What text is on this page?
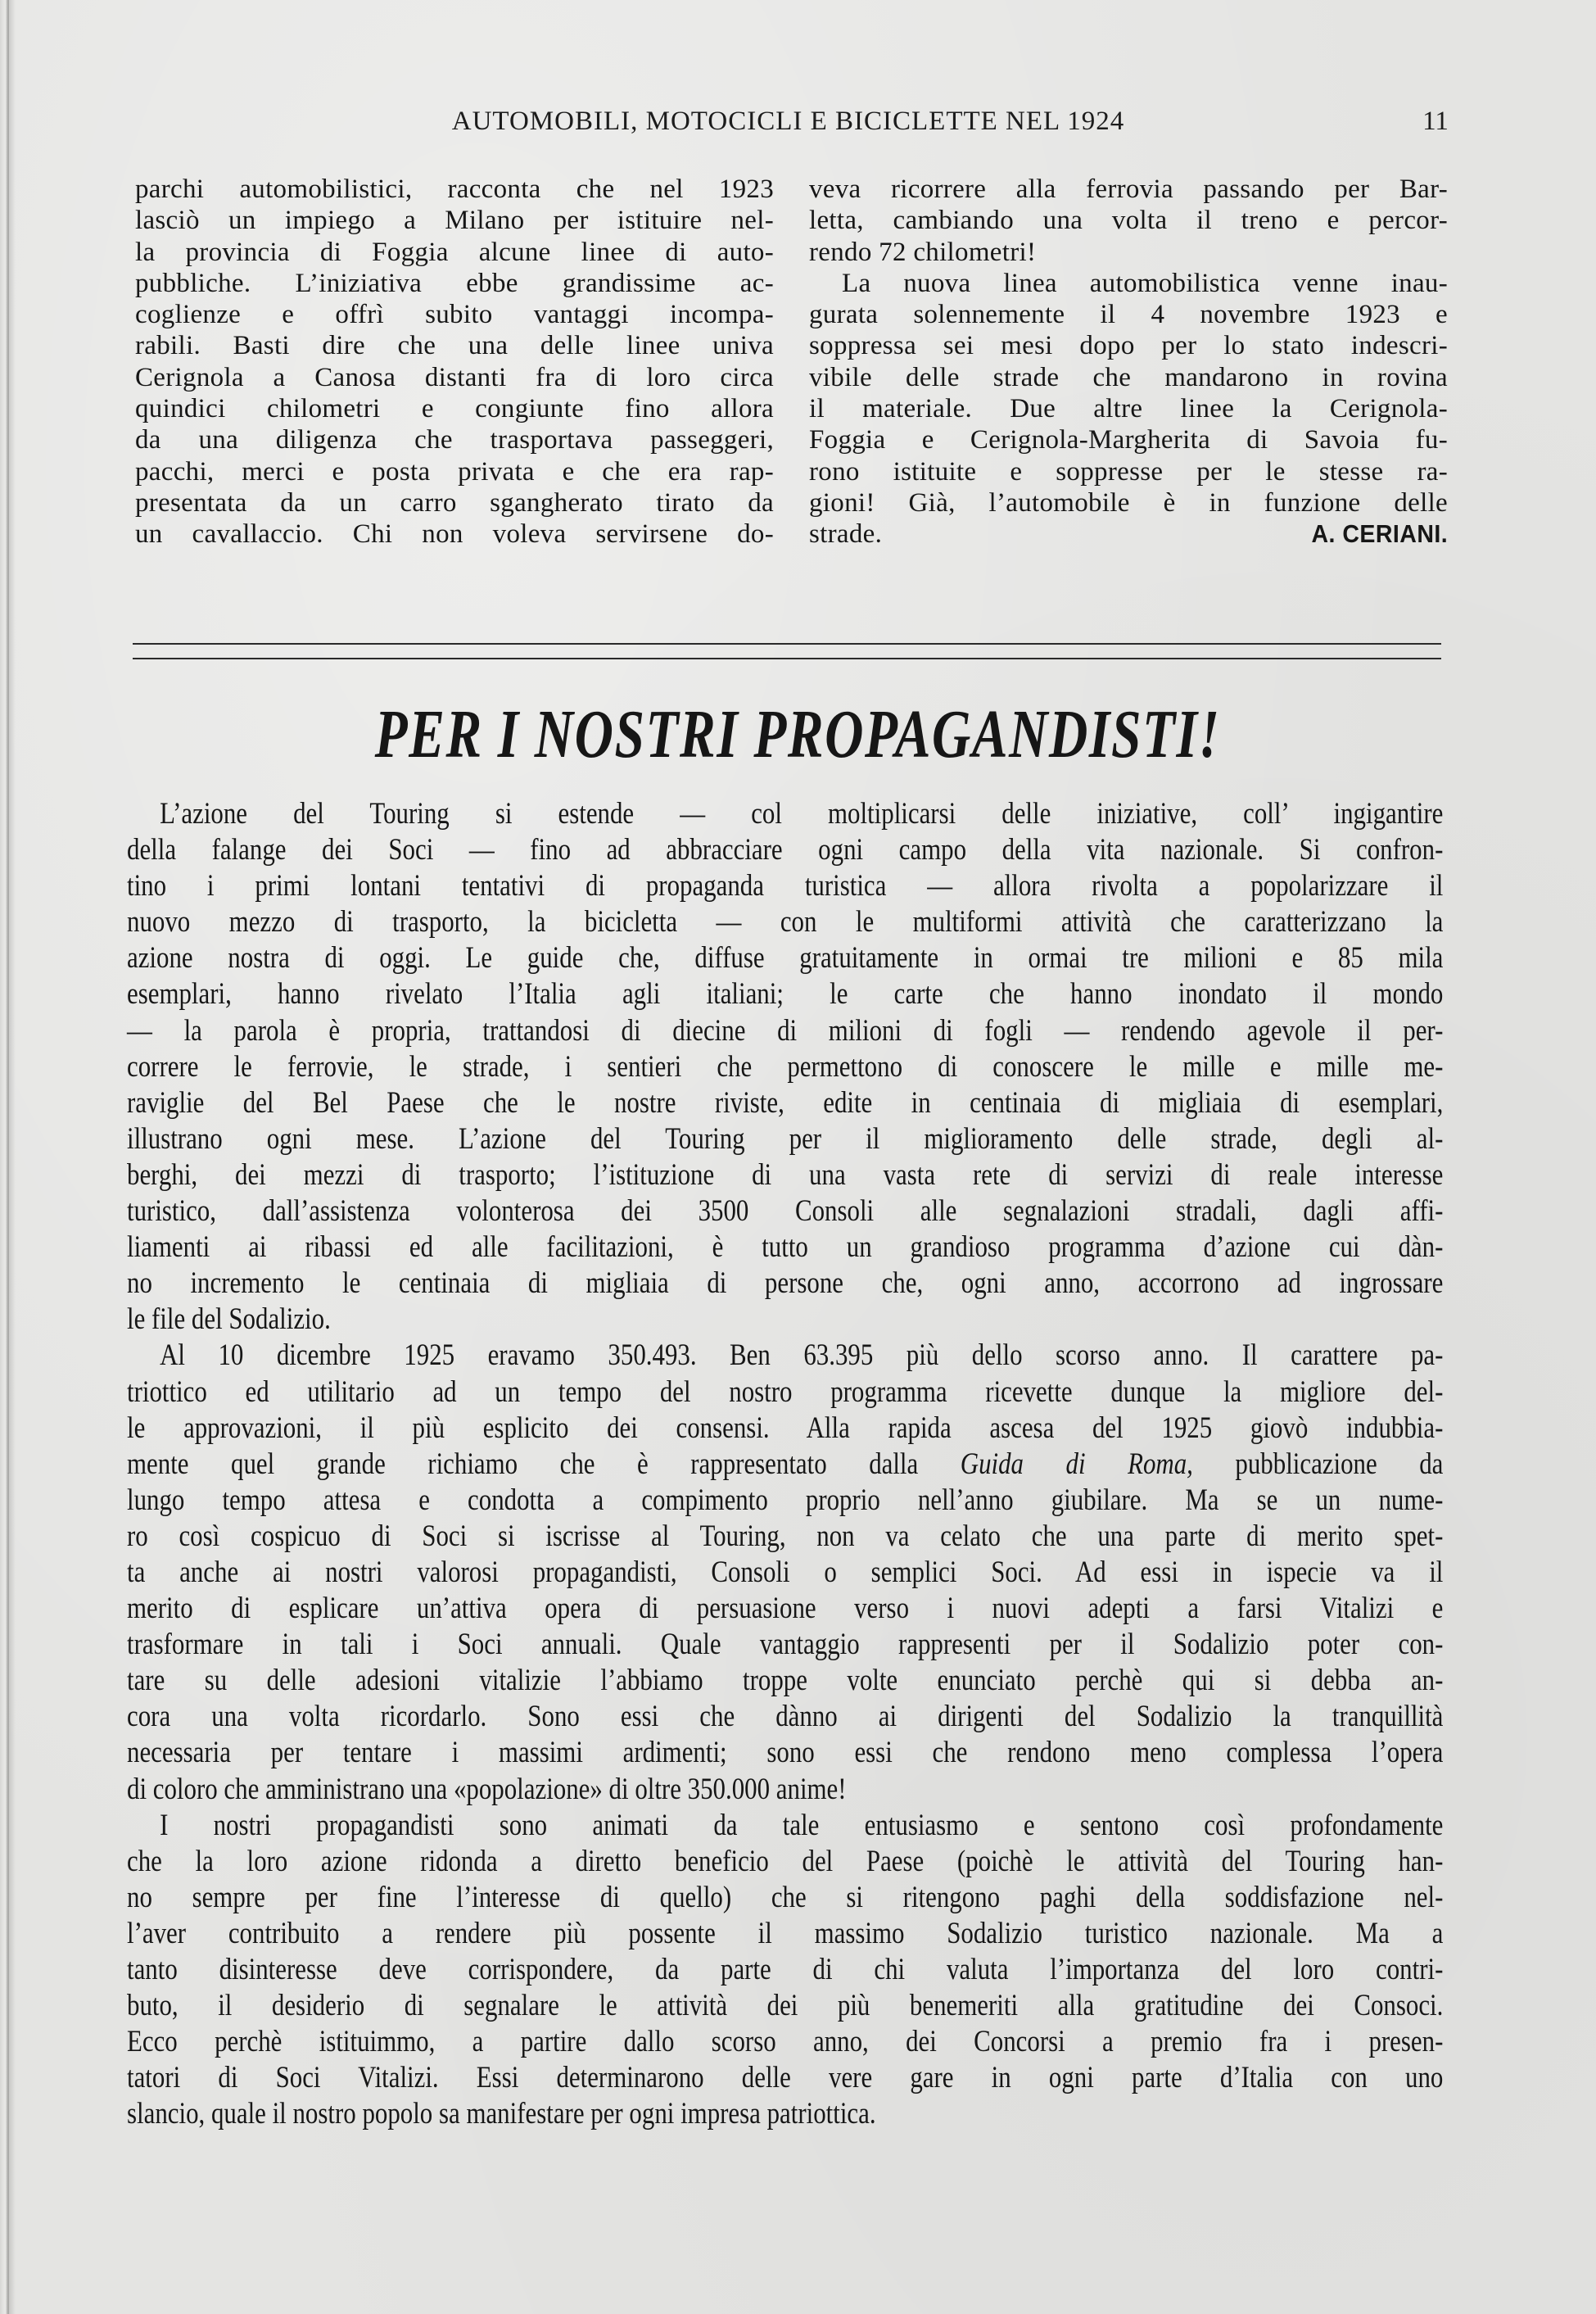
AUTOMOBILI, MOTOCICLI E BICICLETTE NEL 1924	11
parchi automobilistici, racconta che nel 1923
lasciò un impiego a Milano per istituire nel-
la provincia di Foggia alcune linee di auto-
pubbliche. L’iniziativa ebbe grandissime ac-
coglienze e offrì subito vantaggi incompa-
rabili. Basti dire che una delle linee univa
Cerignola a Canosa distanti fra di loro circa
quindici chilometri e congiunte fino allora
da una diligenza che trasportava passeggeri,
pacchi, merci e posta privata e che era rap-
presentata da un carro sgangherato tirato da
un cavallaccio. Chi non voleva servirsene do-
veva ricorrere alla ferrovia passando per Bar-
letta, cambiando una volta il treno e percor-
rendo 72 chilometri!
La nuova linea automobilistica venne inau-
gurata solennemente il 4 novembre 1923 e
soppressa sei mesi dopo per lo stato indescri-
vibile delle strade che mandarono in rovina
il materiale. Due altre linee la Cerignola-
Foggia e Cerignola-Margherita di Savoia fu-
rono istituite e soppresse per le stesse ra-
gioni! Già, l’automobile è in funzione delle
strade.	A. CERIANI.
PER I NOSTRI PROPAGANDISTI!
L’azione del Touring si estende — col moltiplicarsi delle iniziative, coll’ ingigantire
della falange dei Soci — fino ad abbracciare ogni campo della vita nazionale. Si confron-
tino i primi lontani tentativi di propaganda turistica — allora rivolta a popolarizzare il
nuovo mezzo di trasporto, la bicicletta — con le multiformi attività che caratterizzano la
azione nostra di oggi. Le guide che, diffuse gratuitamente in ormai tre milioni e 85 mila
esemplari, hanno rivelato l’Italia agli italiani; le carte che hanno inondato il mondo
— la parola è propria, trattandosi di diecine di milioni di fogli — rendendo agevole il per-
correre le ferrovie, le strade, i sentieri che permettono di conoscere le mille e mille me-
raviglie del Bel Paese che le nostre riviste, edite in centinaia di migliaia di esemplari,
illustrano ogni mese. L’azione del Touring per il miglioramento delle strade, degli al-
berghi, dei mezzi di trasporto; l’istituzione di una vasta rete di servizi di reale interesse
turistico, dall’assistenza volonterosa dei 3500 Consoli alle segnalazioni stradali, dagli affi-
liamenti ai ribassi ed alle facilitazioni, è tutto un grandioso programma d’azione cui dàn-
no incremento le centinaia di migliaia di persone che, ogni anno, accorrono ad ingrossare
le file del Sodalizio.
Al 10 dicembre 1925 eravamo 350.493. Ben 63.395 più dello scorso anno. Il carattere pa-
triottico ed utilitario ad un tempo del nostro programma ricevette dunque la migliore del-
le approvazioni, il più esplicito dei consensi. Alla rapida ascesa del 1925 giovò indubbia-
mente quel grande richiamo che è rappresentato dalla Guida di Roma, pubblicazione da
lungo tempo attesa e condotta a compimento proprio nell’anno giubilare. Ma se un nume-
ro così cospicuo di Soci si iscrisse al Touring, non va celato che una parte di merito spet-
ta anche ai nostri valorosi propagandisti, Consoli o semplici Soci. Ad essi in ispecie va il
merito di esplicare un’attiva opera di persuasione verso i nuovi adepti a farsi Vitalizi e
trasformare in tali i Soci annuali. Quale vantaggio rappresenti per il Sodalizio poter con-
tare su delle adesioni vitalizie l’abbiamo troppe volte enunciato perchè qui si debba an-
cora una volta ricordarlo. Sono essi che dànno ai dirigenti del Sodalizio la tranquillità
necessaria per tentare i massimi ardimenti; sono essi che rendono meno complessa l’opera
di coloro che amministrano una «popolazione» di oltre 350.000 anime!
I nostri propagandisti sono animati da tale entusiasmo e sentono così profondamente
che la loro azione ridonda a diretto beneficio del Paese (poichè le attività del Touring han-
no sempre per fine l’interesse di quello) che si ritengono paghi della soddisfazione nel-
l’aver contribuito a rendere più possente il massimo Sodalizio turistico nazionale. Ma a
tanto disinteresse deve corrispondere, da parte di chi valuta l’importanza del loro contri-
buto, il desiderio di segnalare le attività dei più benemeriti alla gratitudine dei Consoci.
Ecco perchè istituimmo, a partire dallo scorso anno, dei Concorsi a premio fra i presen-
tatori di Soci Vitalizi. Essi determinarono delle vere gare in ogni parte d’Italia con uno
slancio, quale il nostro popolo sa manifestare per ogni impresa patriottica.
